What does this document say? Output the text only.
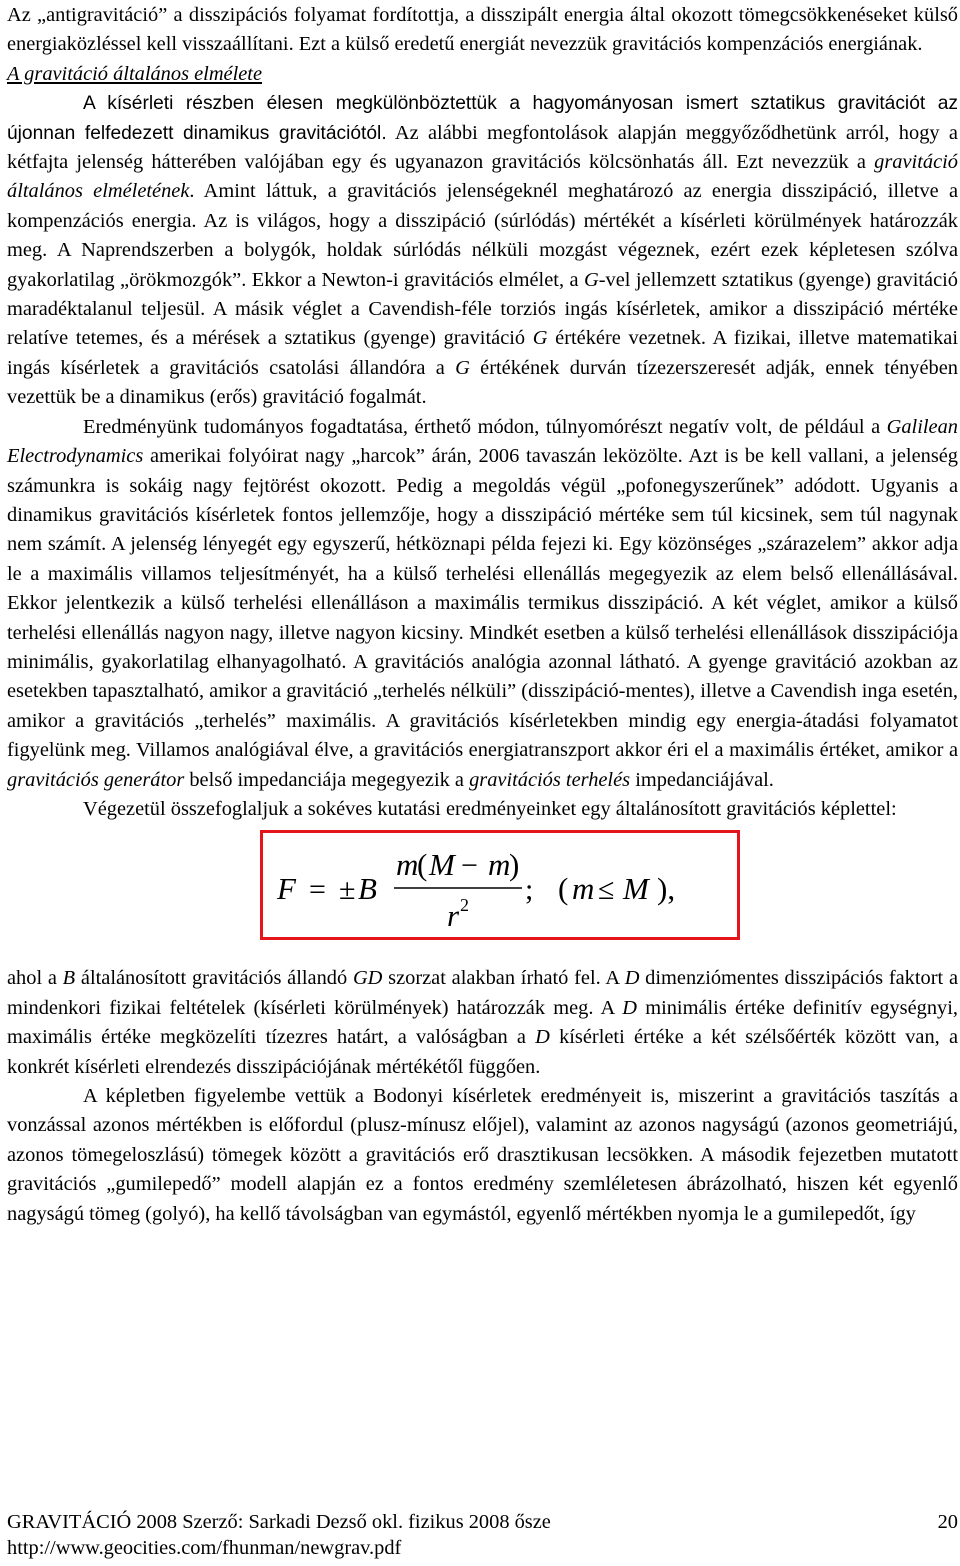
Az „antigravitáció” a disszipációs folyamat fordítottja, a disszipált energia által okozott tömegcsökkenéseket külső energiaközléssel kell visszaállítani. Ezt a külső eredetű energiát nevezzük gravitációs kompenzációs energiának.

A gravitáció általános elmélete

A kísérleti részben élesen megkülönböztettük a hagyományosan ismert sztatikus gravitációt az újonnan felfedezett dinamikus gravitációtól. Az alábbi megfontolások alapján meggyőződhetünk arról, hogy a kétfajta jelenség hátterében valójában egy és ugyanazon gravitációs kölcsönhatás áll. Ezt nevezzük a gravitáció általános elméletének. Amint láttuk, a gravitációs jelenségeknél meghatározó az energia disszipáció, illetve a kompenzációs energia. Az is világos, hogy a disszipáció (súrlódás) mértékét a kísérleti körülmények határozzák meg. A Naprendszerben a bolygók, holdak súrlódás nélküli mozgást végeznek, ezért ezek képletesen szólva gyakorlatilag „örökmozgók”. Ekkor a Newton-i gravitációs elmélet, a G-vel jellemzett sztatikus (gyenge) gravitáció maradéktalanul teljesül. A másik véglet a Cavendish-féle torziós ingás kísérletek, amikor a disszipáció mértéke relatíve tetemes, és a mérések a sztatikus (gyenge) gravitáció G értékére vezetnek. A fizikai, illetve matematikai ingás kísérletek a gravitációs csatolási állandóra a G értékének durván tízezerszeresét adják, ennek tényében vezettük be a dinamikus (erős) gravitáció fogalmát.

Eredményünk tudományos fogadtatása, érthető módon, túlnyomórészt negatív volt, de például a Galilean Electrodynamics amerikai folyóirat nagy „harcok” árán, 2006 tavaszán leközölte. Azt is be kell vallani, a jelenség számunkra is sokáig nagy fejtörést okozott. Pedig a megoldás végül „pofonegyszerűnek” adódott. Ugyanis a dinamikus gravitációs kísérletek fontos jellemzője, hogy a disszipáció mértéke sem túl kicsinek, sem túl nagynak nem számít. A jelenség lényegét egy egyszerű, hétköznapi példa fejezi ki. Egy közönséges „szárazelem” akkor adja le a maximális villamos teljesítményét, ha a külső terhelési ellenállás megegyezik az elem belső ellenállásával. Ekkor jelentkezik a külső terhelési ellenálláson a maximális termikus disszipáció. A két véglet, amikor a külső terhelési ellenállás nagyon nagy, illetve nagyon kicsiny. Mindkét esetben a külső terhelési ellenállások disszipációja minimális, gyakorlatilag elhanyagolható. A gravitációs analógia azonnal látható. A gyenge gravitáció azokban az esetekben tapasztalható, amikor a gravitáció „terhelés nélküli” (disszipáció-mentes), illetve a Cavendish inga esetén, amikor a gravitációs „terhelés” maximális. A gravitációs kísérletekben mindig egy energia-átadási folyamatot figyelünk meg. Villamos analógiával élve, a gravitációs energiatranszport akkor éri el a maximális értéket, amikor a gravitációs generátor belső impedanciája megegyezik a gravitációs terhelés impedanciájával.

Végezetül összefoglaljuk a sokéves kutatási eredményeinket egy általánosított gravitációs képlettel:

F = ± B
m
( M − m
)
r 2 ; ( m ≤ M ),

ahol a B általánosított gravitációs állandó GD szorzat alakban írható fel. A D dimenziómentes disszipációs faktort a mindenkori fizikai feltételek (kísérleti körülmények) határozzák meg. A D minimális értéke definitív egységnyi, maximális értéke megközelíti tízezres határt, a valóságban a D kísérleti értéke a két szélsőérték között van, a konkrét kísérleti elrendezés disszipációjának mértékétől függően.

A képletben figyelembe vettük a Bodonyi kísérletek eredményeit is, miszerint a gravitációs taszítás a vonzással azonos mértékben is előfordul (plusz-mínusz előjel), valamint az azonos nagyságú (azonos geometriájú, azonos tömegeloszlású) tömegek között a gravitációs erő drasztikusan lecsökken. A második fejezetben mutatott gravitációs „gumilepedő” modell alapján ez a fontos eredmény szemléletesen ábrázolható, hiszen két egyenlő nagyságú tömeg (golyó), ha kellő távolságban van egymástól, egyenlő mértékben nyomja le a gumilepedőt, így

GRAVITÁCIÓ 2008 Szerző: Sarkadi Dezső okl. fizikus 2008 ősze	20
http://www.geocities.com/fhunman/newgrav.pdf
